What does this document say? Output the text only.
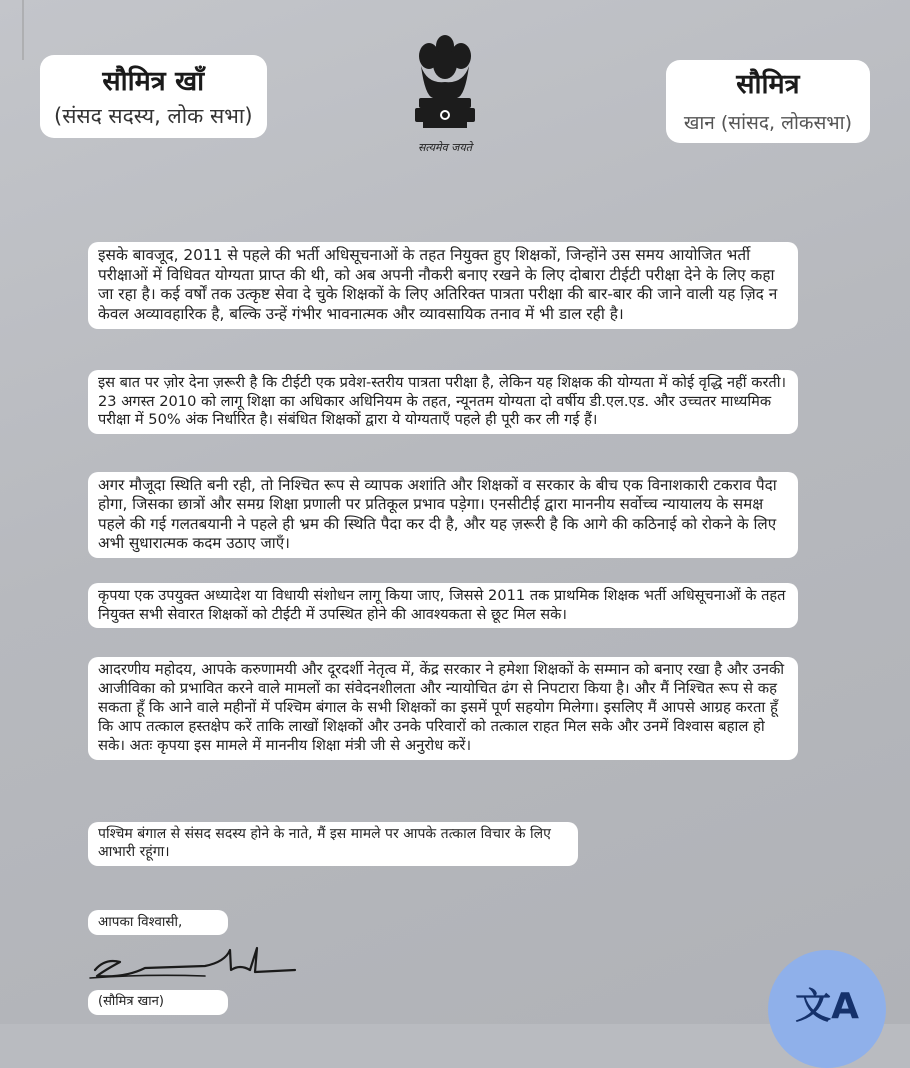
सौमित्र खाँ
(संसद सदस्य, लोक सभा)
सत्यमेव जयते
सौमित्र
खान (सांसद, लोकसभा)
इसके बावजूद, 2011 से पहले की भर्ती अधिसूचनाओं के तहत नियुक्त हुए शिक्षकों, जिन्होंने उस समय आयोजित भर्ती परीक्षाओं में विधिवत योग्यता प्राप्त की थी, को अब अपनी नौकरी बनाए रखने के लिए दोबारा टीईटी परीक्षा देने के लिए कहा जा रहा है। कई वर्षों तक उत्कृष्ट सेवा दे चुके शिक्षकों के लिए अतिरिक्त पात्रता परीक्षा की बार-बार की जाने वाली यह ज़िद न केवल अव्यावहारिक है, बल्कि उन्हें गंभीर भावनात्मक और व्यावसायिक तनाव में भी डाल रही है।
इस बात पर ज़ोर देना ज़रूरी है कि टीईटी एक प्रवेश-स्तरीय पात्रता परीक्षा है, लेकिन यह शिक्षक की योग्यता में कोई वृद्धि नहीं करती। 23 अगस्त 2010 को लागू शिक्षा का अधिकार अधिनियम के तहत, न्यूनतम योग्यता दो वर्षीय डी.एल.एड. और उच्चतर माध्यमिक परीक्षा में 50% अंक निर्धारित है। संबंधित शिक्षकों द्वारा ये योग्यताएँ पहले ही पूरी कर ली गई हैं।
अगर मौजूदा स्थिति बनी रही, तो निश्चित रूप से व्यापक अशांति और शिक्षकों व सरकार के बीच एक विनाशकारी टकराव पैदा होगा, जिसका छात्रों और समग्र शिक्षा प्रणाली पर प्रतिकूल प्रभाव पड़ेगा। एनसीटीई द्वारा माननीय सर्वोच्च न्यायालय के समक्ष पहले की गई गलतबयानी ने पहले ही भ्रम की स्थिति पैदा कर दी है, और यह ज़रूरी है कि आगे की कठिनाई को रोकने के लिए अभी सुधारात्मक कदम उठाए जाएँ।
कृपया एक उपयुक्त अध्यादेश या विधायी संशोधन लागू किया जाए, जिससे 2011 तक प्राथमिक शिक्षक भर्ती अधिसूचनाओं के तहत नियुक्त सभी सेवारत शिक्षकों को टीईटी में उपस्थित होने की आवश्यकता से छूट मिल सके।
आदरणीय महोदय, आपके करुणामयी और दूरदर्शी नेतृत्व में, केंद्र सरकार ने हमेशा शिक्षकों के सम्मान को बनाए रखा है और उनकी आजीविका को प्रभावित करने वाले मामलों का संवेदनशीलता और न्यायोचित ढंग से निपटारा किया है। और मैं निश्चित रूप से कह सकता हूँ कि आने वाले महीनों में पश्चिम बंगाल के सभी शिक्षकों का इसमें पूर्ण सहयोग मिलेगा। इसलिए मैं आपसे आग्रह करता हूँ कि आप तत्काल हस्तक्षेप करें ताकि लाखों शिक्षकों और उनके परिवारों को तत्काल राहत मिल सके और उनमें विश्वास बहाल हो सके। अतः कृपया इस मामले में माननीय शिक्षा मंत्री जी से अनुरोध करें।
पश्चिम बंगाल से संसद सदस्य होने के नाते, मैं इस मामले पर आपके तत्काल विचार के लिए आभारी रहूंगा।
आपका विश्वासी,
(सौमित्र खान)	文A
